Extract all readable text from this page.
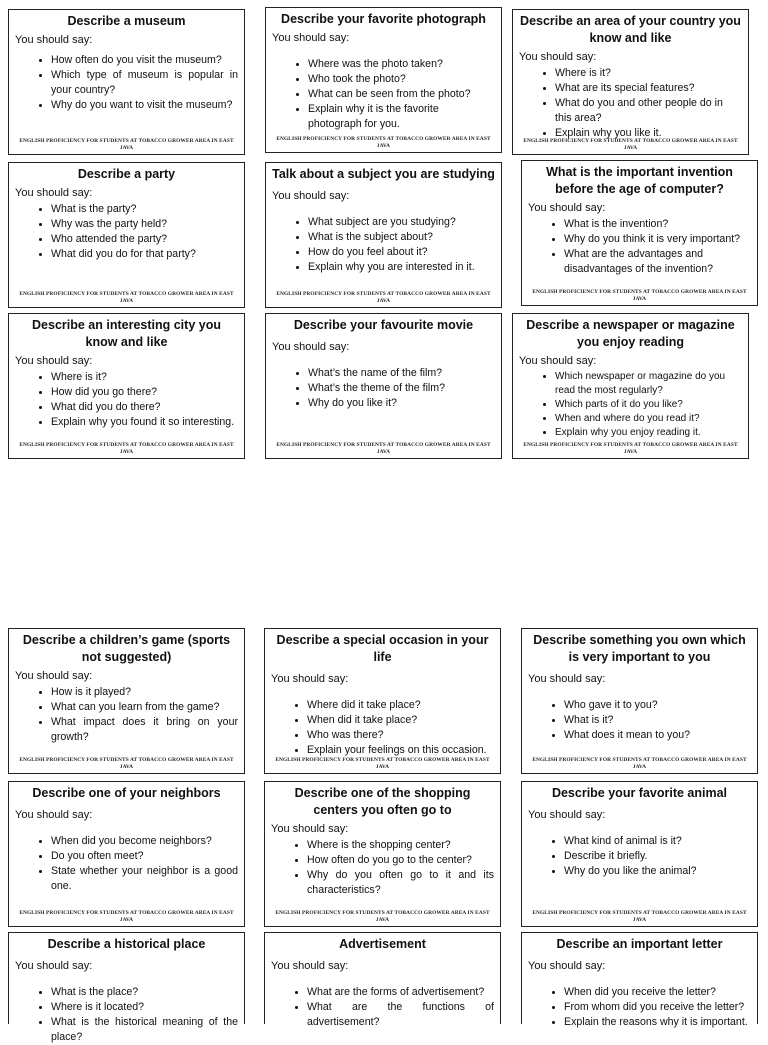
Describe a museum
You should say:
• How often do you visit the museum?
• Which type of museum is popular in your country?
• Why do you want to visit the museum?
ENGLISH PROFICIENCY FOR STUDENTS AT TOBACCO GROWER AREA IN EAST JAVA
Describe your favorite photograph
You should say:
• Where was the photo taken?
• Who took the photo?
• What can be seen from the photo?
• Explain why it is the favorite photograph for you.
ENGLISH PROFICIENCY FOR STUDENTS AT TOBACCO GROWER AREA IN EAST JAVA
Describe an area of your country you know and like
You should say:
• Where is it?
• What are its special features?
• What do you and other people do in this area?
• Explain why you like it.
ENGLISH PROFICIENCY FOR STUDENTS AT TOBACCO GROWER AREA IN EAST JAVA
Describe a party
You should say:
• What is the party?
• Why was the party held?
• Who attended the party?
• What did you do for that party?
ENGLISH PROFICIENCY FOR STUDENTS AT TOBACCO GROWER AREA IN EAST JAVA
Talk about a subject you are studying
You should say:
• What subject are you studying?
• What is the subject about?
• How do you feel about it?
• Explain why you are interested in it.
ENGLISH PROFICIENCY FOR STUDENTS AT TOBACCO GROWER AREA IN EAST JAVA
What is the important invention before the age of computer?
You should say:
• What is the invention?
• Why do you think it is very important?
• What are the advantages and disadvantages of the invention?
ENGLISH PROFICIENCY FOR STUDENTS AT TOBACCO GROWER AREA IN EAST JAVA
Describe an interesting city you know and like
You should say:
• Where is it?
• How did you go there?
• What did you do there?
• Explain why you found it so interesting.
ENGLISH PROFICIENCY FOR STUDENTS AT TOBACCO GROWER AREA IN EAST JAVA
Describe your favourite movie
You should say:
• What’s the name of the film?
• What’s the theme of the film?
• Why do you like it?
ENGLISH PROFICIENCY FOR STUDENTS AT TOBACCO GROWER AREA IN EAST JAVA
Describe a newspaper or magazine you enjoy reading
You should say:
• Which newspaper or magazine do you read the most regularly?
• Which parts of it do you like?
• When and where do you read it?
• Explain why you enjoy reading it.
ENGLISH PROFICIENCY FOR STUDENTS AT TOBACCO GROWER AREA IN EAST JAVA
Describe a children’s game (sports not suggested)
You should say:
• How is it played?
• What can you learn from the game?
• What impact does it bring on your growth?
ENGLISH PROFICIENCY FOR STUDENTS AT TOBACCO GROWER AREA IN EAST JAVA
Describe a special occasion in your life
You should say:
• Where did it take place?
• When did it take place?
• Who was there?
• Explain your feelings on this occasion.
ENGLISH PROFICIENCY FOR STUDENTS AT TOBACCO GROWER AREA IN EAST JAVA
Describe something you own which is very important to you
You should say:
• Who gave it to you?
• What is it?
• What does it mean to you?
ENGLISH PROFICIENCY FOR STUDENTS AT TOBACCO GROWER AREA IN EAST JAVA
Describe one of your neighbors
You should say:
• When did you become neighbors?
• Do you often meet?
• State whether your neighbor is a good one.
ENGLISH PROFICIENCY FOR STUDENTS AT TOBACCO GROWER AREA IN EAST JAVA
Describe one of the shopping centers you often go to
You should say:
• Where is the shopping center?
• How often do you go to the center?
• Why do you often go to it and its characteristics?
ENGLISH PROFICIENCY FOR STUDENTS AT TOBACCO GROWER AREA IN EAST JAVA
Describe your favorite animal
You should say:
• What kind of animal is it?
• Describe it briefly.
• Why do you like the animal?
ENGLISH PROFICIENCY FOR STUDENTS AT TOBACCO GROWER AREA IN EAST JAVA
Describe a historical place
You should say:
• What is the place?
• Where is it located?
• What is the historical meaning of the place?
Advertisement
You should say:
• What are the forms of advertisement?
• What are the functions of advertisement?
Describe an important letter
You should say:
• When did you receive the letter?
• From whom did you receive the letter?
• Explain the reasons why it is important.
